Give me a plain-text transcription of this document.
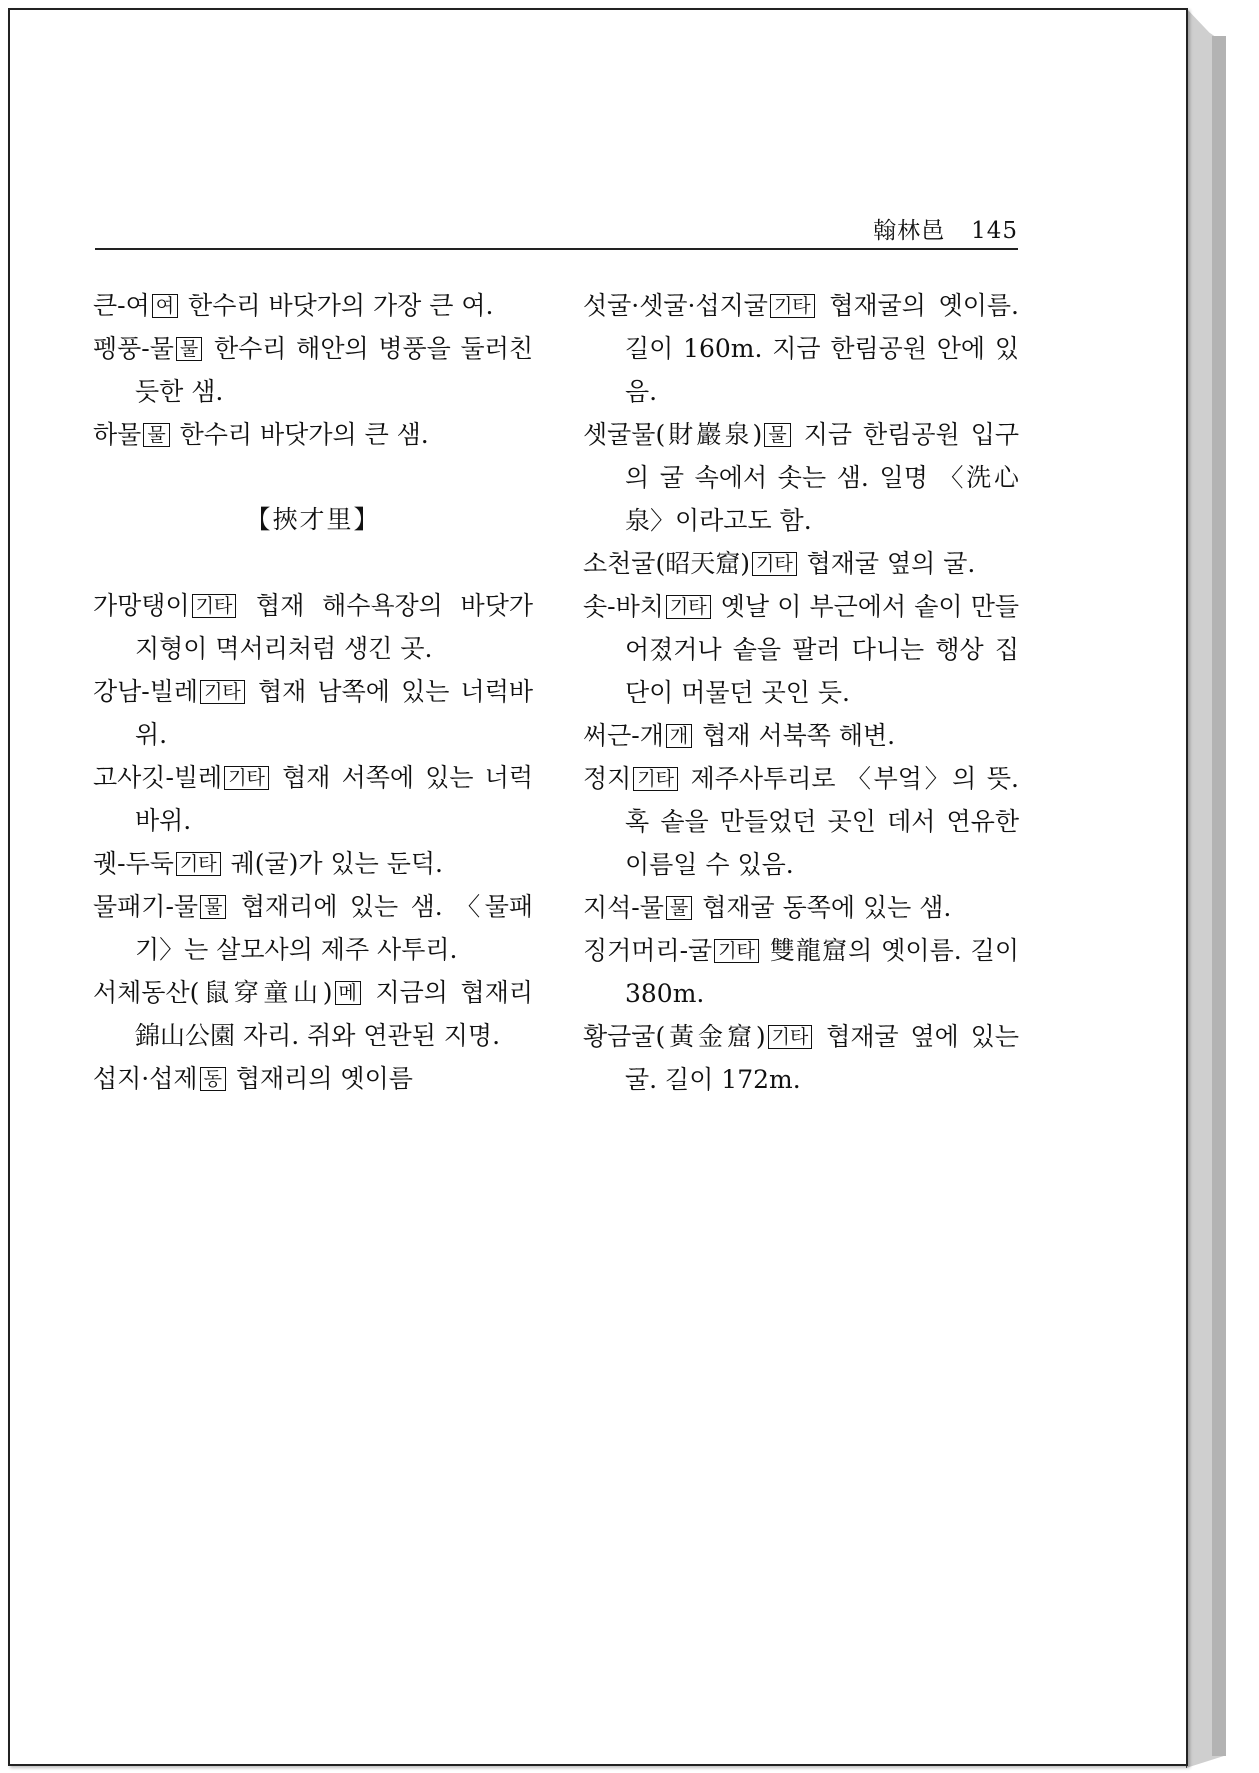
翰林邑 145

큰-여 여 한수리 바닷가의 가장 큰 여.

펭풍-물 물 한수리 해안의 병풍을 둘러친 듯한 샘.

하물 물 한수리 바닷가의 큰 샘.

【挾才里】

가망탱이 기타 협재 해수욕장의 바닷가 지형이 멱서리처럼 생긴 곳.

강남-빌레 기타 협재 남쪽에 있는 너럭바위.

고사깃-빌레 기타 협재 서쪽에 있는 너럭바위.

궷-두둑 기타 궤(굴)가 있는 둔덕.

물패기-물 물 협재리에 있는 샘. 〈물패기〉는 살모사의 제주 사투리.

서체동산(鼠穿童山) 메 지금의 협재리 錦山公園 자리. 쥐와 연관된 지명.

섭지·섭제 동 협재리의 옛이름

섯굴·셋굴·섭지굴 기타 협재굴의 옛이름. 길이 160m. 지금 한림공원 안에 있음.

셋굴물(財巖泉) 물 지금 한림공원 입구의 굴 속에서 솟는 샘. 일명 〈洗心泉〉이라고도 함.

소천굴(昭天窟) 기타 협재굴 옆의 굴.

솟-바치 기타 옛날 이 부근에서 솥이 만들어졌거나 솥을 팔러 다니는 행상 집단이 머물던 곳인 듯.

써근-개 개 협재 서북쪽 해변.

정지 기타 제주사투리로 〈부엌〉의 뜻. 혹 솥을 만들었던 곳인 데서 연유한 이름일 수 있음.

지석-물 물 협재굴 동쪽에 있는 샘.

징거머리-굴 기타 雙龍窟의 옛이름. 길이 380m.

황금굴(黃金窟) 기타 협재굴 옆에 있는 굴. 길이 172m.
